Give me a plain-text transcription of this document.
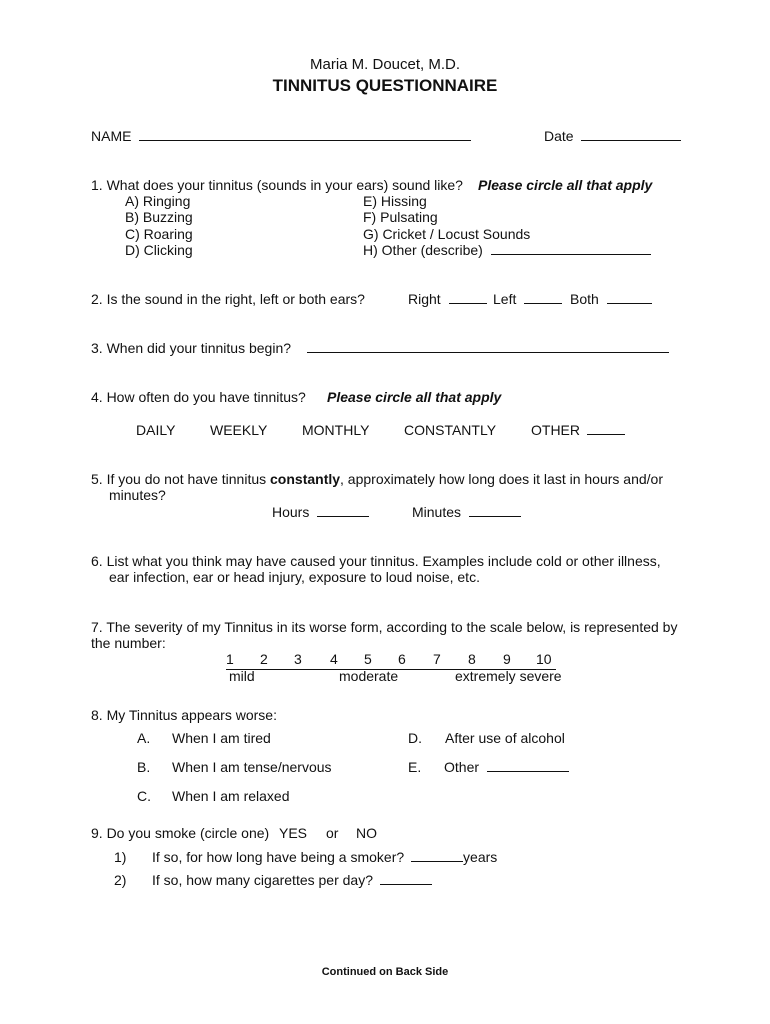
Maria M. Doucet, M.D.
TINNITUS QUESTIONNAIRE
NAME	Date
1. What does your tinnitus (sounds in your ears) sound like? Please circle all that apply
A) Ringing
B) Buzzing
C) Roaring
D) Clicking
E) Hissing
F) Pulsating
G) Cricket / Locust Sounds
H) Other (describe)
2. Is the sound in the right, left or both ears?	Right	Left	Both
3. When did your tinnitus begin?
4. How often do you have tinnitus? Please circle all that apply
DAILY WEEKLY MONTHLY CONSTANTLY OTHER
5. If you do not have tinnitus constantly, approximately how long does it last in hours and/or
minutes?
Hours	Minutes
6. List what you think may have caused your tinnitus. Examples include cold or other illness,
ear infection, ear or head injury, exposure to loud noise, etc.
7. The severity of my Tinnitus in its worse form, according to the scale below, is represented by
the number:
1 2 3 4 5 6 7 8 9 10
mild	moderate	extremely severe
8. My Tinnitus appears worse:
A. When I am tired
B. When I am tense/nervous
C. When I am relaxed
D. After use of alcohol
E. Other
9. Do you smoke (circle one) YES or NO
1) If so, for how long have being a smoker?	years
2) If so, how many cigarettes per day?
Continued on Back Side
